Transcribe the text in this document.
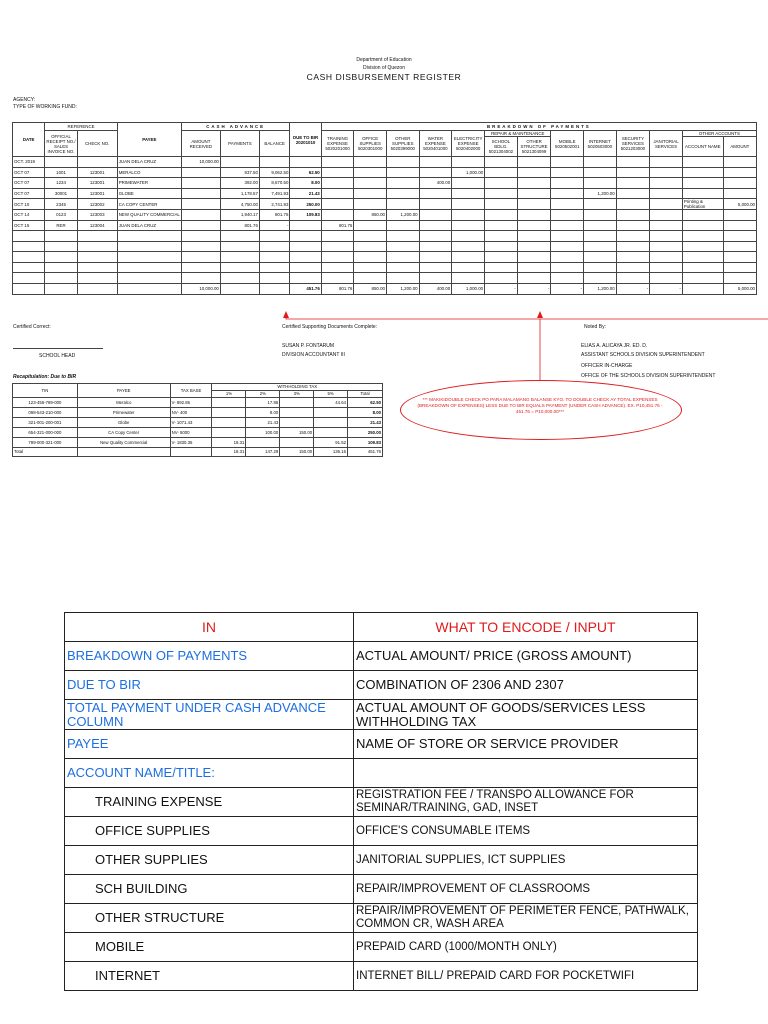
Department of Education
Division of Quezon
CASH DISBURSEMENT REGISTER
AGENCY:
TYPE OF WORKING FUND:
DATE	REFERENCE		PAYEE	CASH ADVANCE			DUE TO BIR 20201010	BREAKDOWN OF PAYMENTS												
	OFFICIAL RECEIPT NO./ SALES INVOICE NO.	CHECK NO.		AMOUNT RECEIVED	PAYMENTS	BALANCE		TRAINING EXPENSE 5020201000	OFFICE SUPPLIES 5020301000	OTHER SUPPLIES 5020399000	WATER EXPENSE 5020401000	ELECTRICITY EXPENSE 5020402000	REPAIR & MAINTENANCE		MOBILE 5020502001	INTERNET 5020503000	SECURITY SERVICES 5021203000	JANITORIAL SERVICES	OTHER ACCOUNTS	
													SCHOOL BDLG. 5021304002	OTHER STRUCTURE 5021304099					ACCOUNT NAME	AMOUNT
OCT. 2019			JUAN DELA CRUZ	10,000.00																
OCT 07	1001	123001	MERALCO		937.50	9,062.50	62.50					1,000.00								
OCT 07	1234	123001	PRIMEWATER		392.00	8,670.50	8.00				400.00									
OCT 07	30001	123001	GLOBE		1,178.57	7,491.93	21.43									1,200.00				
OCT 10	2345	123002	CA COPY CENTER		4,750.00	2,741.93	250.00												Printing & Publication	5,000.00
OCT 14	0123	123003	NEW QUALITY COMMERCIAL		1,940.17	801.76	109.83		850.00	1,200.00										
OCT 15	RER	123004	JUAN DELA CRUZ		801.76	-		801.76												

				10,000.00			451.76	801.76	850.00	1,200.00	400.00	1,000.00	-	-	-	1,200.00	-	-		5,000.00
Certified Correct:
SCHOOL HEAD
Certified Supporting Documents Complete:
SUSAN P. FONTARUM
DIVISION ACCOUNTANT III
Noted By:
ELIAS A. ALICAYA JR. ED. D.
ASSISTANT SCHOOLS DIVISION SUPERINTENDENT
OFFICER IN-CHARGE
OFFICE OF THE SCHOOLS DIVISION SUPERINTENDENT
Recapitulation: Due to BIR
TIN	PAYEE	TAX BASE	WITHHOLDING TAX				
			1%	2%	3%	5%	Total
123-456-789-000	Meralco	V- 892.86		17.86		44.64	62.50
098-543-210-000	Primewater	NV- 400		8.00			8.00
321-001-200-001	Globe	V- 1071.43		21.43			21.43
654-321-000-000	CA Copy Center	NV- 5000		100.00	150.00		250.00
789-000-321-000	New Quality Commercial	V- 1830.36	18.31			91.52	109.83
Total			18.31	147.29	150.00	136.16	451.76
*** MAKIKIDOUBLE CHECK PO PARA MALAMANG BALANSE KYO. TO DOUBLE CHECK AY TOTAL EXPENSES (BREAKDOWN OF EXPENSES) LESS DUE TO BIR EQUALS PAYMENT (UNDER CASH ADVANCE). EX. P10,451.76 - 451.76 = P10,000.00***
IN	WHAT TO ENCODE / INPUT
BREAKDOWN OF PAYMENTS	ACTUAL AMOUNT/ PRICE (GROSS AMOUNT)
DUE TO BIR	COMBINATION OF 2306 AND 2307
TOTAL PAYMENT UNDER CASH ADVANCE COLUMN	ACTUAL AMOUNT OF GOODS/SERVICES LESS WITHHOLDING TAX
PAYEE	NAME OF STORE OR SERVICE PROVIDER
ACCOUNT NAME/TITLE:	
TRAINING EXPENSE	REGISTRATION FEE / TRANSPO ALLOWANCE FOR SEMINAR/TRAINING, GAD, INSET
OFFICE SUPPLIES	OFFICE'S CONSUMABLE ITEMS
OTHER SUPPLIES	JANITORIAL SUPPLIES, ICT SUPPLIES
SCH BUILDING	REPAIR/IMPROVEMENT OF CLASSROOMS
OTHER STRUCTURE	REPAIR/IMPROVEMENT OF PERIMETER FENCE, PATHWALK, COMMON CR, WASH AREA
MOBILE	PREPAID CARD (1000/MONTH ONLY)
INTERNET	INTERNET BILL/ PREPAID CARD FOR POCKETWIFI
